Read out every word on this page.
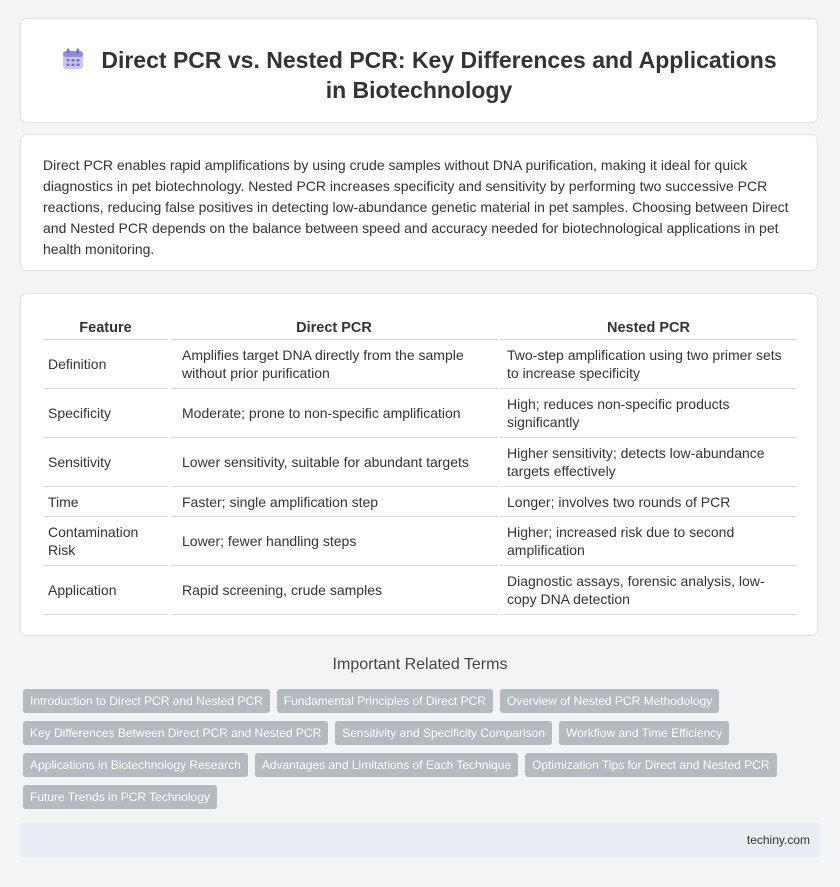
Direct PCR vs. Nested PCR: Key Differences and Applications in Biotechnology

Direct PCR enables rapid amplifications by using crude samples without DNA purification, making it ideal for quick diagnostics in pet biotechnology. Nested PCR increases specificity and sensitivity by performing two successive PCR reactions, reducing false positives in detecting low-abundance genetic material in pet samples. Choosing between Direct and Nested PCR depends on the balance between speed and accuracy needed for biotechnological applications in pet health monitoring.

Feature	Direct PCR	Nested PCR
Definition	Amplifies target DNA directly from the sample without prior purification	Two-step amplification using two primer sets to increase specificity
Specificity	Moderate; prone to non-specific amplification	High; reduces non-specific products significantly
Sensitivity	Lower sensitivity, suitable for abundant targets	Higher sensitivity; detects low-abundance targets effectively
Time	Faster; single amplification step	Longer; involves two rounds of PCR
Contamination Risk	Lower; fewer handling steps	Higher; increased risk due to second amplification
Application	Rapid screening, crude samples	Diagnostic assays, forensic analysis, low-copy DNA detection
Important Related Terms
Introduction to Direct PCR and Nested PCR Fundamental Principles of Direct PCR Overview of Nested PCR Methodology
Key Differences Between Direct PCR and Nested PCR Sensitivity and Specificity Comparison Workflow and Time Efficiency
Applications in Biotechnology Research Advantages and Limitations of Each Technique Optimization Tips for Direct and Nested PCR
Future Trends in PCR Technology
techiny.com
